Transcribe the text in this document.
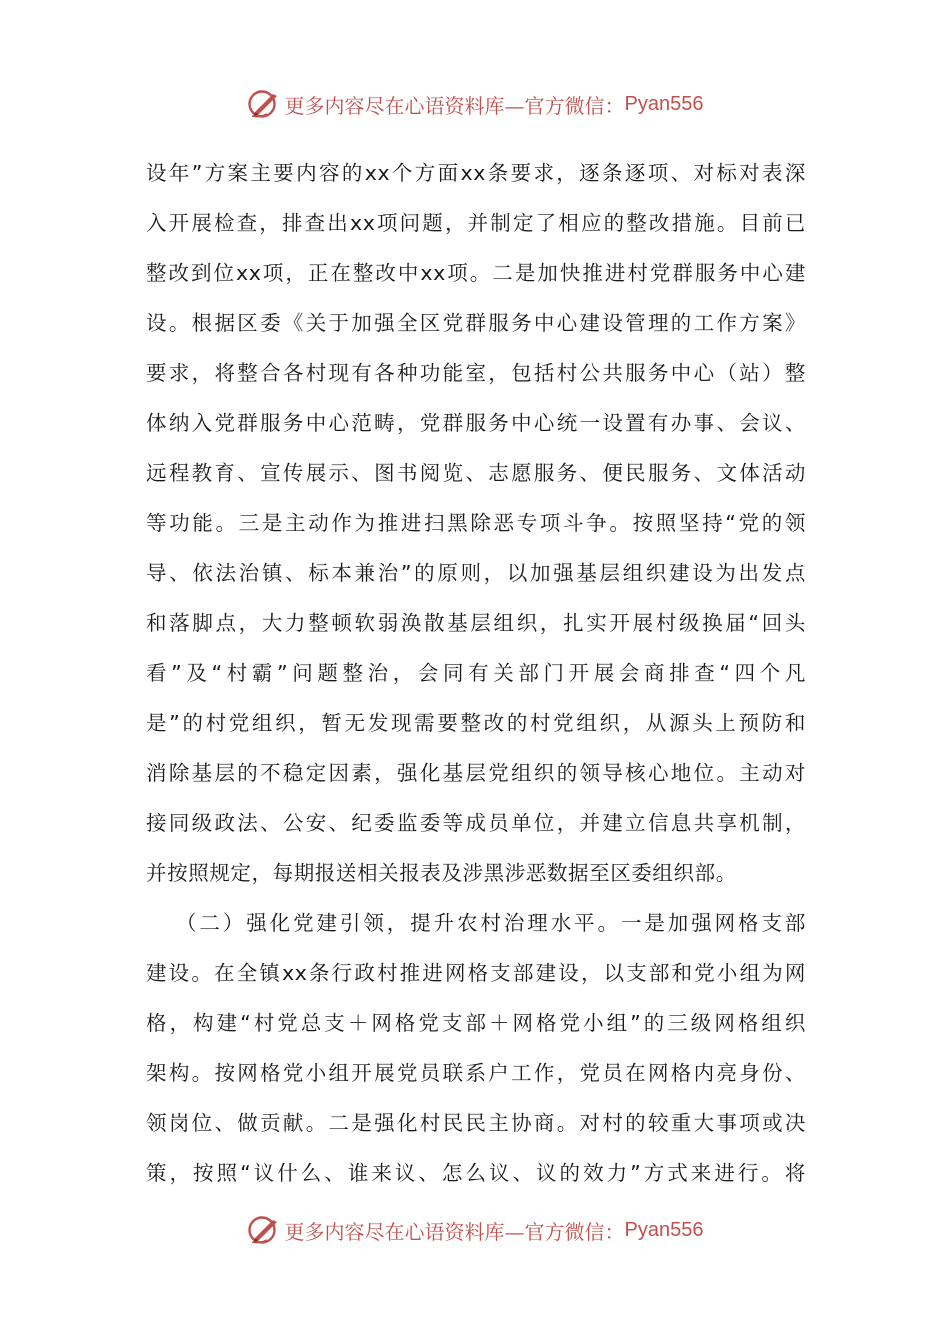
更多内容尽在心语资料库—官方微信： Pyan556
设年”方案主要内容的xx个方面xx条要求，逐条逐项、对标对表深
入开展检查，排查出xx项问题，并制定了相应的整改措施。目前已
整改到位xx项，正在整改中xx项。二是加快推进村党群服务中心建
设。根据区委《关于加强全区党群服务中心建设管理的工作方案》
要求，将整合各村现有各种功能室，包括村公共服务中心（站）整
体纳入党群服务中心范畴，党群服务中心统一设置有办事、会议、
远程教育、宣传展示、图书阅览、志愿服务、便民服务、文体活动
等功能。三是主动作为推进扫黑除恶专项斗争。按照坚持“党的领
导、依法治镇、标本兼治”的原则，以加强基层组织建设为出发点
和落脚点，大力整顿软弱涣散基层组织，扎实开展村级换届“回头
看”及“村霸”问题整治，会同有关部门开展会商排查“四个凡
是”的村党组织，暂无发现需要整改的村党组织，从源头上预防和
消除基层的不稳定因素，强化基层党组织的领导核心地位。主动对
接同级政法、公安、纪委监委等成员单位，并建立信息共享机制，
并按照规定，每期报送相关报表及涉黑涉恶数据至区委组织部。
（二）强化党建引领，提升农村治理水平。一是加强网格支部
建设。在全镇xx条行政村推进网格支部建设，以支部和党小组为网
格，构建“村党总支＋网格党支部＋网格党小组”的三级网格组织
架构。按网格党小组开展党员联系户工作，党员在网格内亮身份、
领岗位、做贡献。二是强化村民民主协商。对村的较重大事项或决
策，按照“议什么、谁来议、怎么议、议的效力”方式来进行。将
更多内容尽在心语资料库—官方微信： Pyan556
